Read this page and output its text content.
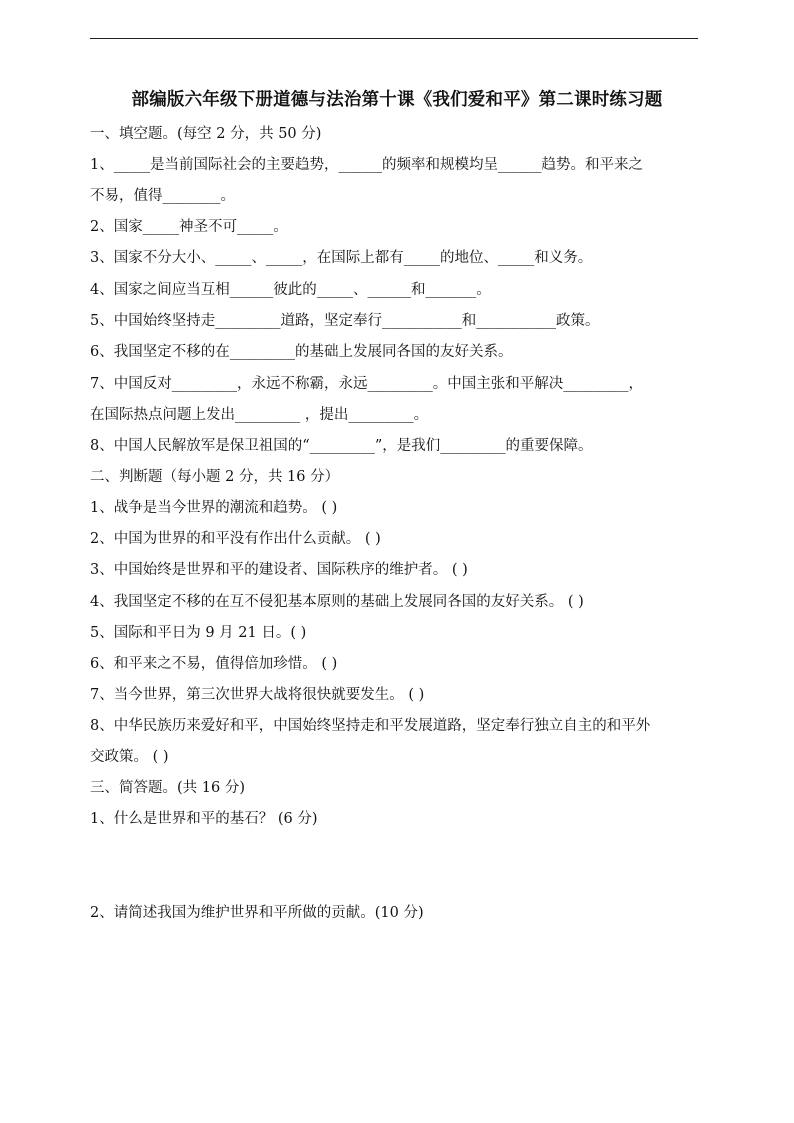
部编版六年级下册道德与法治第十课《我们爱和平》第二课时练习题
一、填空题。(每空 2 分，共 50 分)
1、_____是当前国际社会的主要趋势，______的频率和规模均呈______趋势。和平来之
不易，值得________。
2、国家_____神圣不可_____。
3、国家不分大小、_____、_____，在国际上都有_____的地位、_____和义务。
4、国家之间应当互相______彼此的_____、______和_______。
5、中国始终坚持走_________道路，坚定奉行___________和___________政策。
6、我国坚定不移的在_________的基础上发展同各国的友好关系。
7、中国反对_________，永远不称霸，永远_________。中国主张和平解决_________，
在国际热点问题上发出_________ ，提出_________。
8、中国人民解放军是保卫祖国的“_________”，是我们_________的重要保障。
二、判断题（每小题 2 分，共 16 分）
1、战争是当今世界的潮流和趋势。 ( )
2、中国为世界的和平没有作出什么贡献。 ( )
3、中国始终是世界和平的建设者、国际秩序的维护者。 ( )
4、我国坚定不移的在互不侵犯基本原则的基础上发展同各国的友好关系。 ( )
5、国际和平日为 9 月 21 日。( )
6、和平来之不易，值得倍加珍惜。 ( )
7、当今世界，第三次世界大战将很快就要发生。 ( )
8、中华民族历来爱好和平，中国始终坚持走和平发展道路，坚定奉行独立自主的和平外
交政策。 ( )
三、简答题。(共 16 分)
1、什么是世界和平的基石？ (6 分)
2、请简述我国为维护世界和平所做的贡献。(10 分)
